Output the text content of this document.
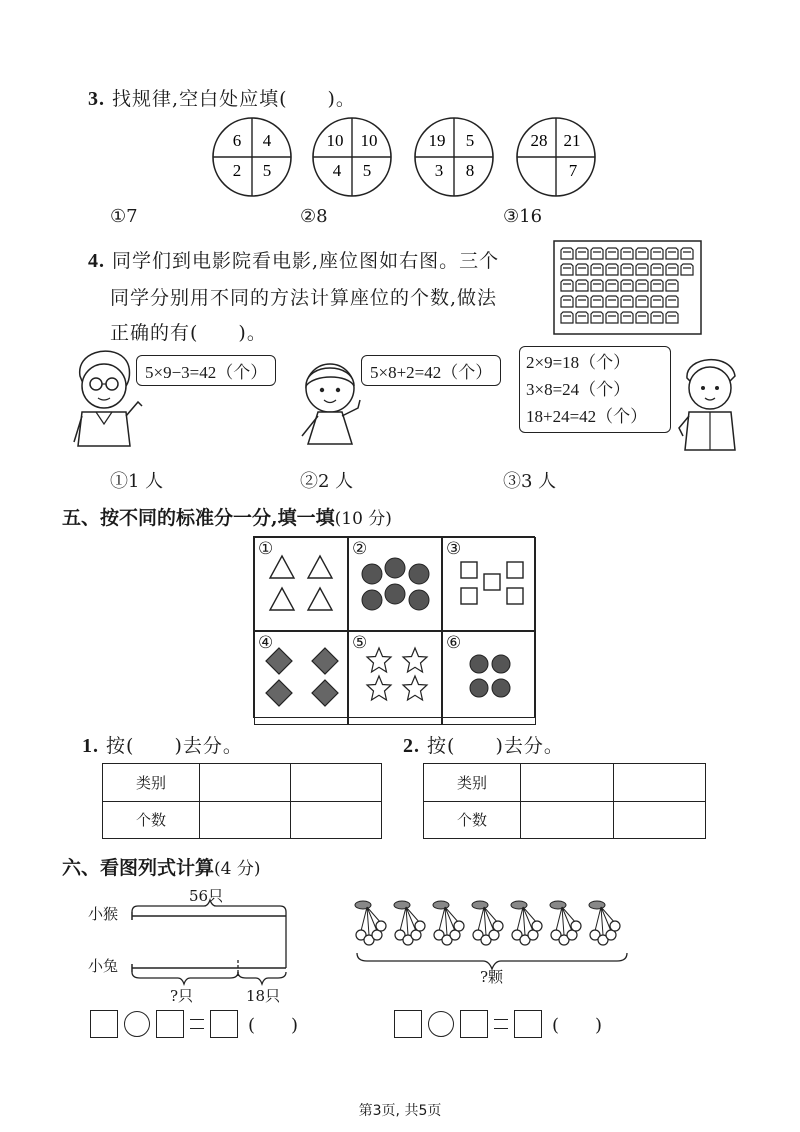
3. 找规律,空白处应填(　　)。
6 4
2 5
10 10
4 5
19 5
3 8
28 21
7
①7	②8	③16
4. 同学们到电影院看电影,座位图如右图。三个
同学分别用不同的方法计算座位的个数,做法
正确的有(　　)。
5×9−3=42（个）	5×8+2=42（个）
2×9=18（个）
3×8=24（个）
18+24=42（个）
①1 人	②2 人	③3 人
五、按不同的标准分一分,填一填(10 分)
①	②	③
④	⑤	⑥
1. 按(　　)去分。	2. 按(　　)去分。
类别		
个数		
类别		
个数		
六、看图列式计算(4 分)
56只
小猴
小兔
?只	18只
?颗
(　　)	(　　)
第3页, 共5页
